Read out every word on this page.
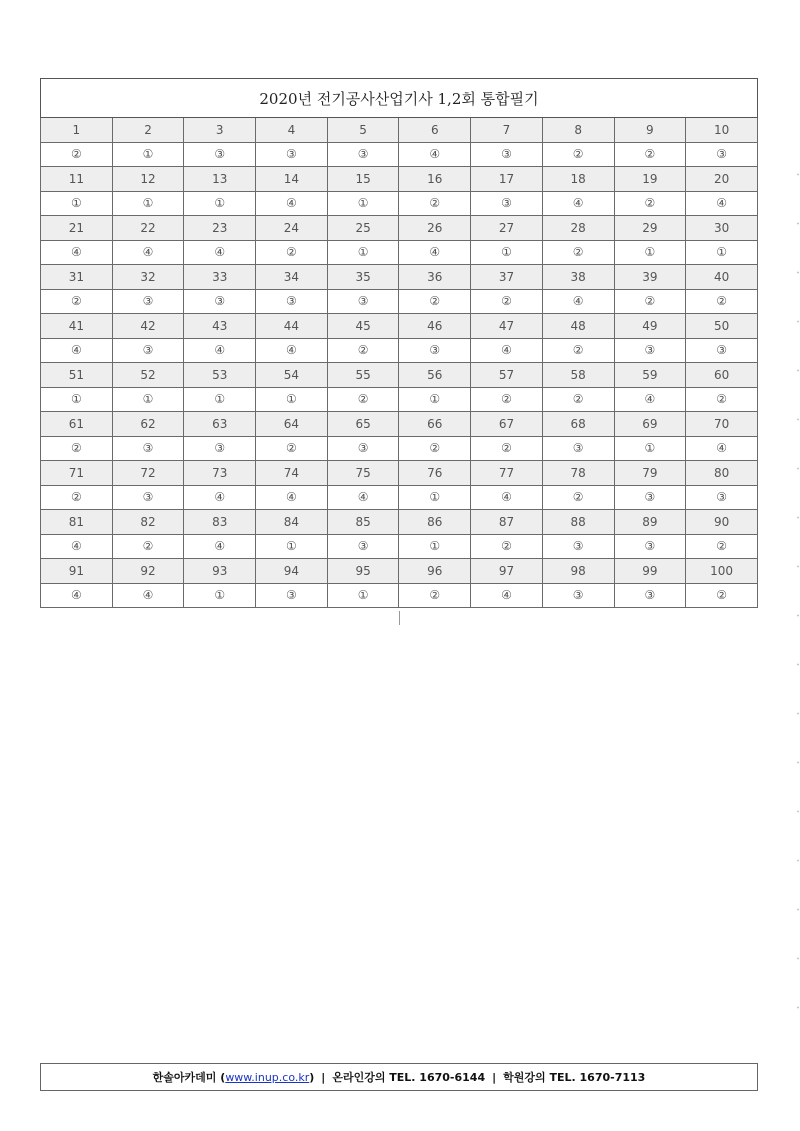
2020년 전기공사산업기사 1,2회 통합필기									
1	2	3	4	5	6	7	8	9	10
②	①	③	③	③	④	③	②	②	③
11	12	13	14	15	16	17	18	19	20
①	①	①	④	①	②	③	④	②	④
21	22	23	24	25	26	27	28	29	30
④	④	④	②	①	④	①	②	①	①
31	32	33	34	35	36	37	38	39	40
②	③	③	③	③	②	②	④	②	②
41	42	43	44	45	46	47	48	49	50
④	③	④	④	②	③	④	②	③	③
51	52	53	54	55	56	57	58	59	60
①	①	①	①	②	①	②	②	④	②
61	62	63	64	65	66	67	68	69	70
②	③	③	②	③	②	②	③	①	④
71	72	73	74	75	76	77	78	79	80
②	③	④	④	④	①	④	②	③	③
81	82	83	84	85	86	87	88	89	90
④	②	④	①	③	①	②	③	③	②
91	92	93	94	95	96	97	98	99	100
④	④	①	③	①	②	④	③	③	②
한솔아카데미
( www.inup.co.kr ) | 온라인강의 TEL. 1670-6144 | 학원강의 TEL. 1670-7113
